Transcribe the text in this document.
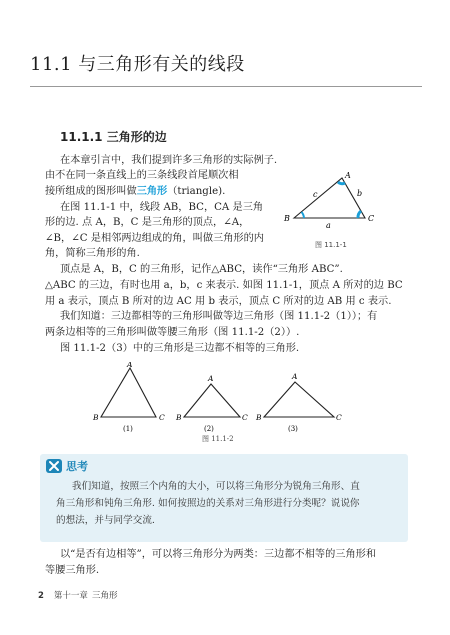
11.1 与三角形有关的线段
11.1.1 三角形的边

在本章引言中，我们提到许多三角形的实际例子.

由不在同一条直线上的三条线段首尾顺次相

接所组成的图形叫做三角形（triangle).

在图 11.1-1 中，线段 AB，BC，CA 是三角

形的边. 点 A，B，C 是三角形的顶点，∠A，

∠B，∠C 是相邻两边组成的角，叫做三角形的内

角，简称三角形的角.

A
B	C
a
b
c
图 11.1-1

顶点是 A，B，C 的三角形，记作△ABC，读作“三角形 ABC”.

△ABC 的三边，有时也用 a，b，c 来表示. 如图 11.1-1，顶点 A 所对的边 BC

用 a 表示，顶点 B 所对的边 AC 用 b 表示，顶点 C 所对的边 AB 用 c 表示.

我们知道：三边都相等的三角形叫做等边三角形（图 11.1-2（1））；有

两条边相等的三角形叫做等腰三角形（图 11.1-2（2））.

图 11.1-2（3）中的三角形是三边都不相等的三角形.

A
B	C
(1)
A
B	C
(2)
A
B	C
(3)
图 11.1-2
思考

我们知道，按照三个内角的大小，可以将三角形分为锐角三角形、直

角三角形和钝角三角形. 如何按照边的关系对三角形进行分类呢？说说你

的想法，并与同学交流.

以“是否有边相等”，可以将三角形分为两类：三边都不相等的三角形和

等腰三角形.

2 第十一章 三角形
